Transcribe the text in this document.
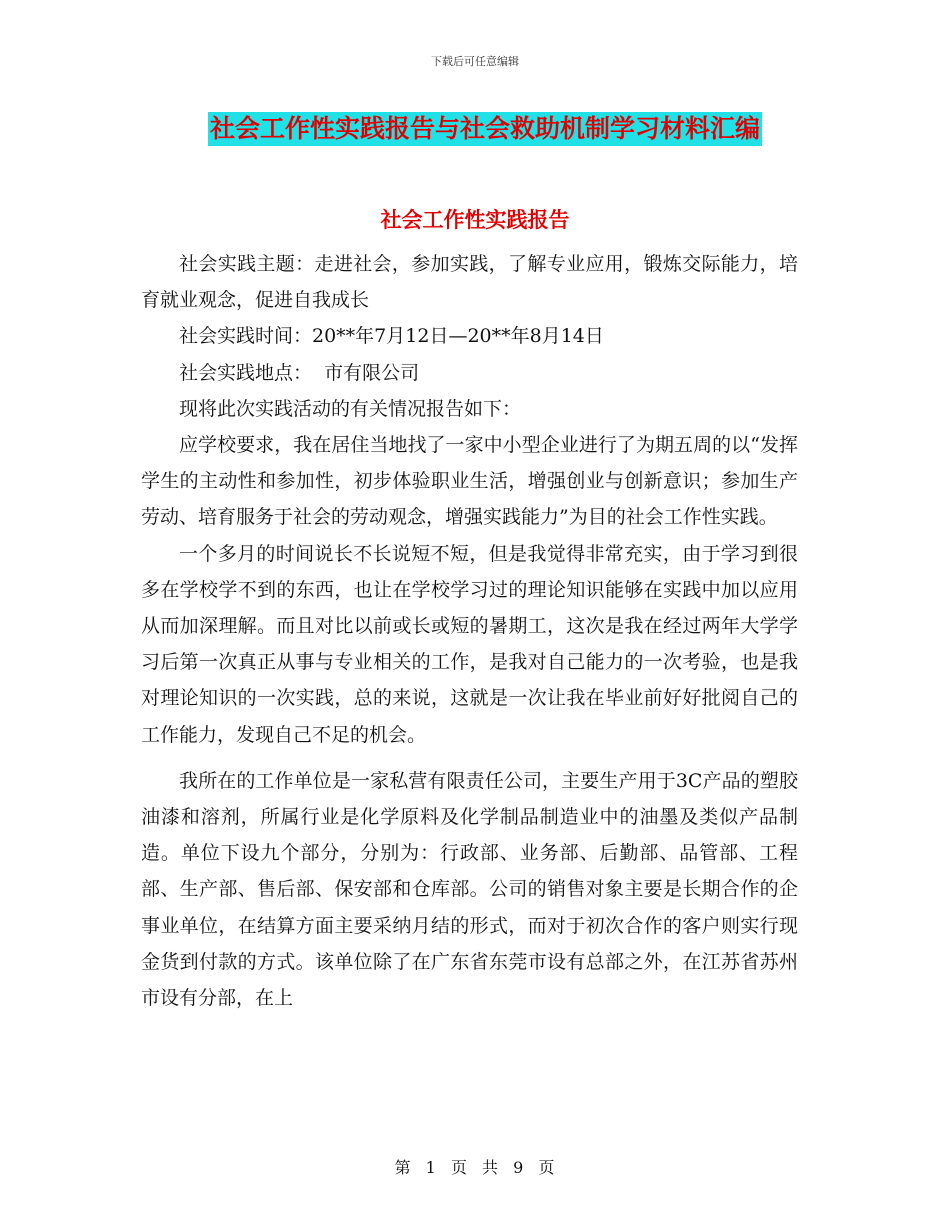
下载后可任意编辑
社会工作性实践报告与社会救助机制学习材料汇编
社会工作性实践报告

社会实践主题：走进社会，参加实践，了解专业应用，锻炼交际能力，培育就业观念，促进自我成长

社会实践时间：20**年7月12日—20**年8月14日

社会实践地点：  市有限公司

现将此次实践活动的有关情况报告如下：

应学校要求，我在居住当地找了一家中小型企业进行了为期五周的以“发挥学生的主动性和参加性，初步体验职业生活，增强创业与创新意识；参加生产劳动、培育服务于社会的劳动观念，增强实践能力”为目的社会工作性实践。

一个多月的时间说长不长说短不短，但是我觉得非常充实，由于学习到很多在学校学不到的东西，也让在学校学习过的理论知识能够在实践中加以应用从而加深理解。而且对比以前或长或短的暑期工，这次是我在经过两年大学学习后第一次真正从事与专业相关的工作，是我对自己能力的一次考验，也是我对理论知识的一次实践，总的来说，这就是一次让我在毕业前好好批阅自己的工作能力，发现自己不足的机会。

我所在的工作单位是一家私营有限责任公司，主要生产用于3C产品的塑胶油漆和溶剂，所属行业是化学原料及化学制品制造业中的油墨及类似产品制造。单位下设九个部分，分别为：行政部、业务部、后勤部、品管部、工程部、生产部、售后部、保安部和仓库部。公司的销售对象主要是长期合作的企事业单位，在结算方面主要采纳月结的形式，而对于初次合作的客户则实行现金货到付款的方式。该单位除了在广东省东莞市设有总部之外，在江苏省苏州市设有分部，在上

第 1 页 共 9 页
